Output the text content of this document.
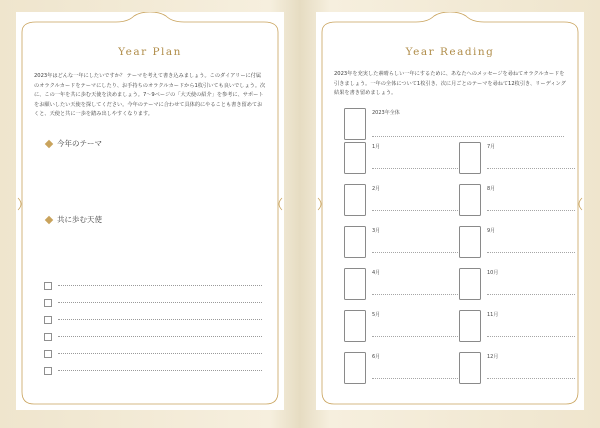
Year Plan
2023年はどんな一年にしたいですか？ テーマを考えて書き込みましょう。このダイアリーに付属のオラクルカードをテーマにしたり、お手持ちのオラクルカードから1枚引いても良いでしょう。次に、この一年を共に歩む天使を決めましょう。7〜9ページの「大天使の紹介」を参考に、サポートをお願いしたい天使を探してください。今年のテーマに合わせて具体的にやることも書き留めておくと、天使と共に一歩を踏み出しやすくなります。
今年のテーマ
共に歩む天使
Year Reading
2023年を充実した素晴らしい一年にするために、あなたへのメッセージを尋ねてオラクルカードを引きましょう。一年の全体について1枚引き、次に月ごとのテーマを尋ねて12枚引き、リーディング結果を書き留めましょう。
2023年全体
1月
2月
3月
4月
5月
6月
7月
8月
9月
10月
11月
12月
